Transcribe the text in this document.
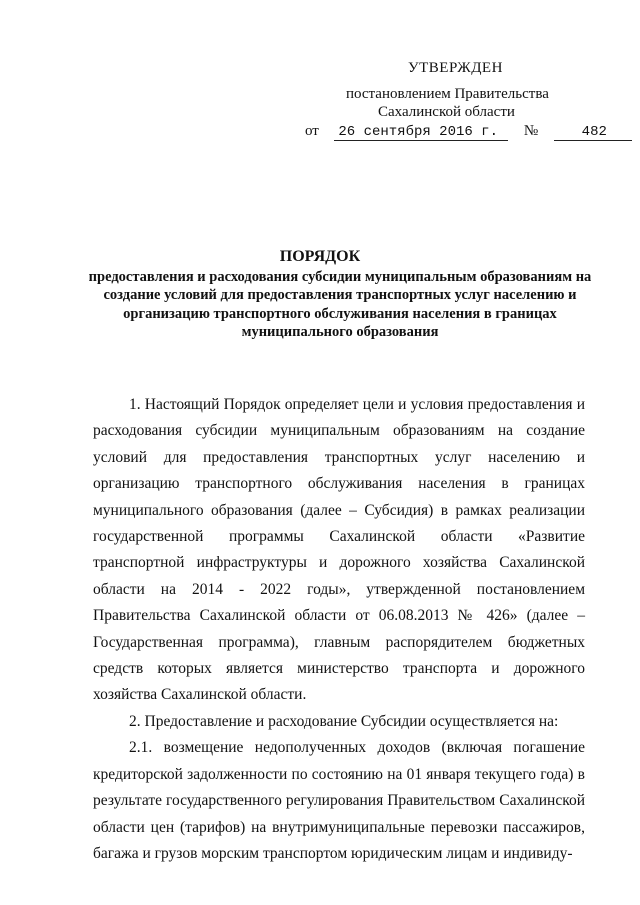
УТВЕРЖДЕН
постановлением Правительства
Сахалинской области
от 26 сентября 2016 г. №	482
ПОРЯДОК

предоставления и расходования субсидии муниципальным образованиям на создание условий для предоставления транспортных услуг населению и организацию транспортного обслуживания населения в границах муниципального образования

1. Настоящий Порядок определяет цели и условия предоставления и расходования субсидии муниципальным образованиям на создание условий для предоставления транспортных услуг населению и организацию транспортного обслуживания населения в границах муниципального образования (далее – Субсидия) в рамках реализации государственной программы Сахалинской области «Развитие транспортной инфраструктуры и дорожного хозяйства Сахалинской области на 2014 - 2022 годы», утвержденной постановлением Правительства Сахалинской области от 06.08.2013 № 426» (далее – Государственная программа), главным распорядителем бюджетных средств которых является министерство транспорта и дорожного хозяйства Сахалинской области.

2. Предоставление и расходование Субсидии осуществляется на:

2.1. возмещение недополученных доходов (включая погашение кредиторской задолженности по состоянию на 01 января текущего года) в результате государственного регулирования Правительством Сахалинской области цен (тарифов) на внутримуниципальные перевозки пассажиров, багажа и грузов морским транспортом юридическим лицам и индивиду-
